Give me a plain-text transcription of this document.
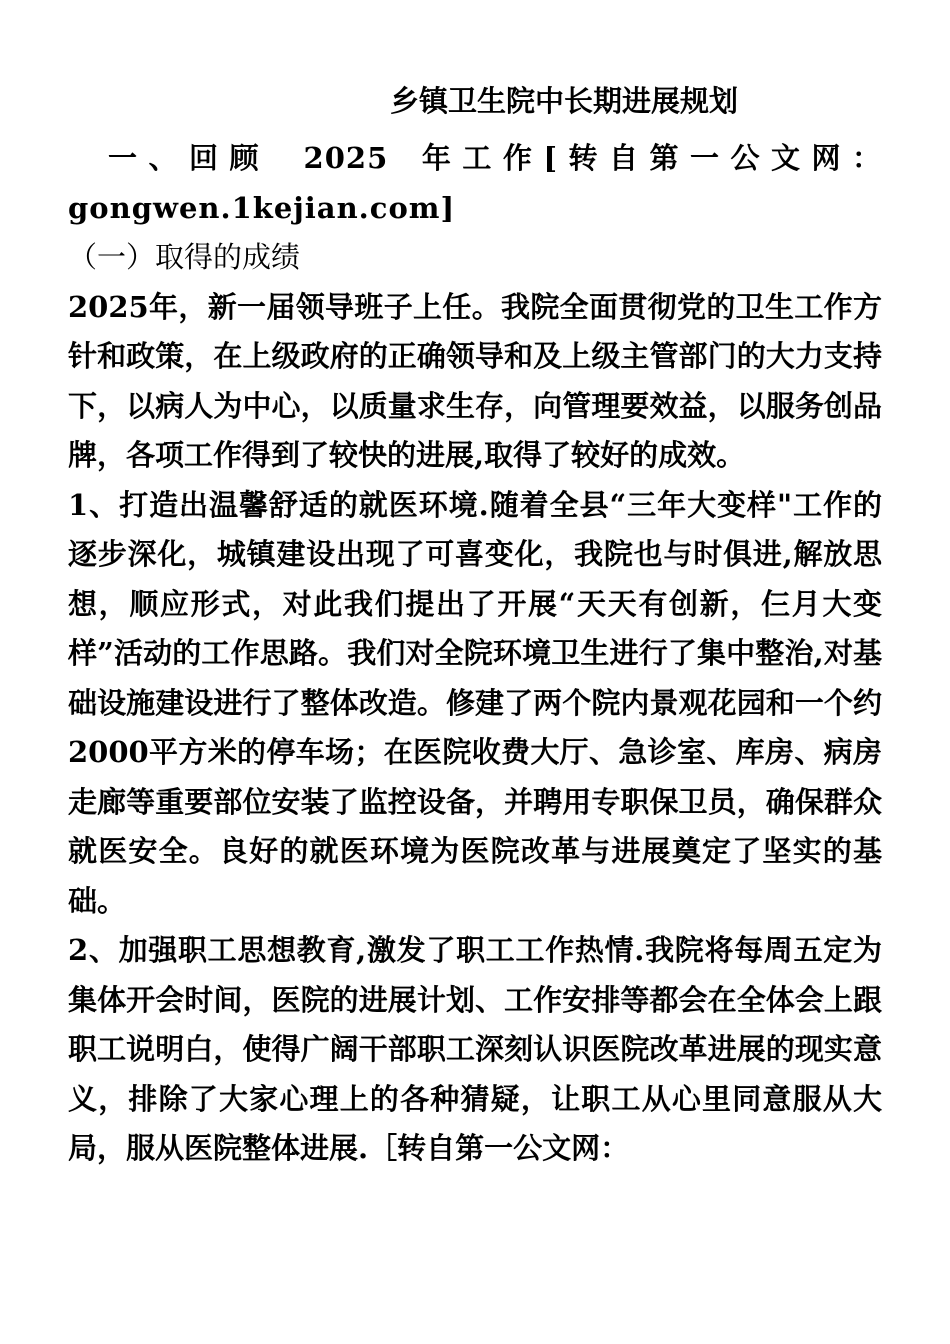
乡镇卫生院中长期进展规划

一、回顾 2025 年工作[转自第一公文网：
gongwen.1kejian.com]

（一）取得的成绩

2025年，新一届领导班子上任。我院全面贯彻党的卫生工作方针和政策，在上级政府的正确领导和及上级主管部门的大力支持下，以病人为中心，以质量求生存，向管理要效益，以服务创品牌，各项工作得到了较快的进展,取得了较好的成效。

1、打造出温馨舒适的就医环境.随着全县“三年大变样"工作的逐步深化，城镇建设出现了可喜变化，我院也与时俱进,解放思想，顺应形式，对此我们提出了开展“天天有创新，仨月大变样”活动的工作思路。我们对全院环境卫生进行了集中整治,对基础设施建设进行了整体改造。修建了两个院内景观花园和一个约2000平方米的停车场；在医院收费大厅、急诊室、库房、病房走廊等重要部位安装了监控设备，并聘用专职保卫员，确保群众就医安全。良好的就医环境为医院改革与进展奠定了坚实的基础。

2、加强职工思想教育,激发了职工工作热情.我院将每周五定为集体开会时间，医院的进展计划、工作安排等都会在全体会上跟职工说明白，使得广阔干部职工深刻认识医院改革进展的现实意义，排除了大家心理上的各种猜疑，让职工从心里同意服从大局，服从医院整体进展.［转自第一公文网：
